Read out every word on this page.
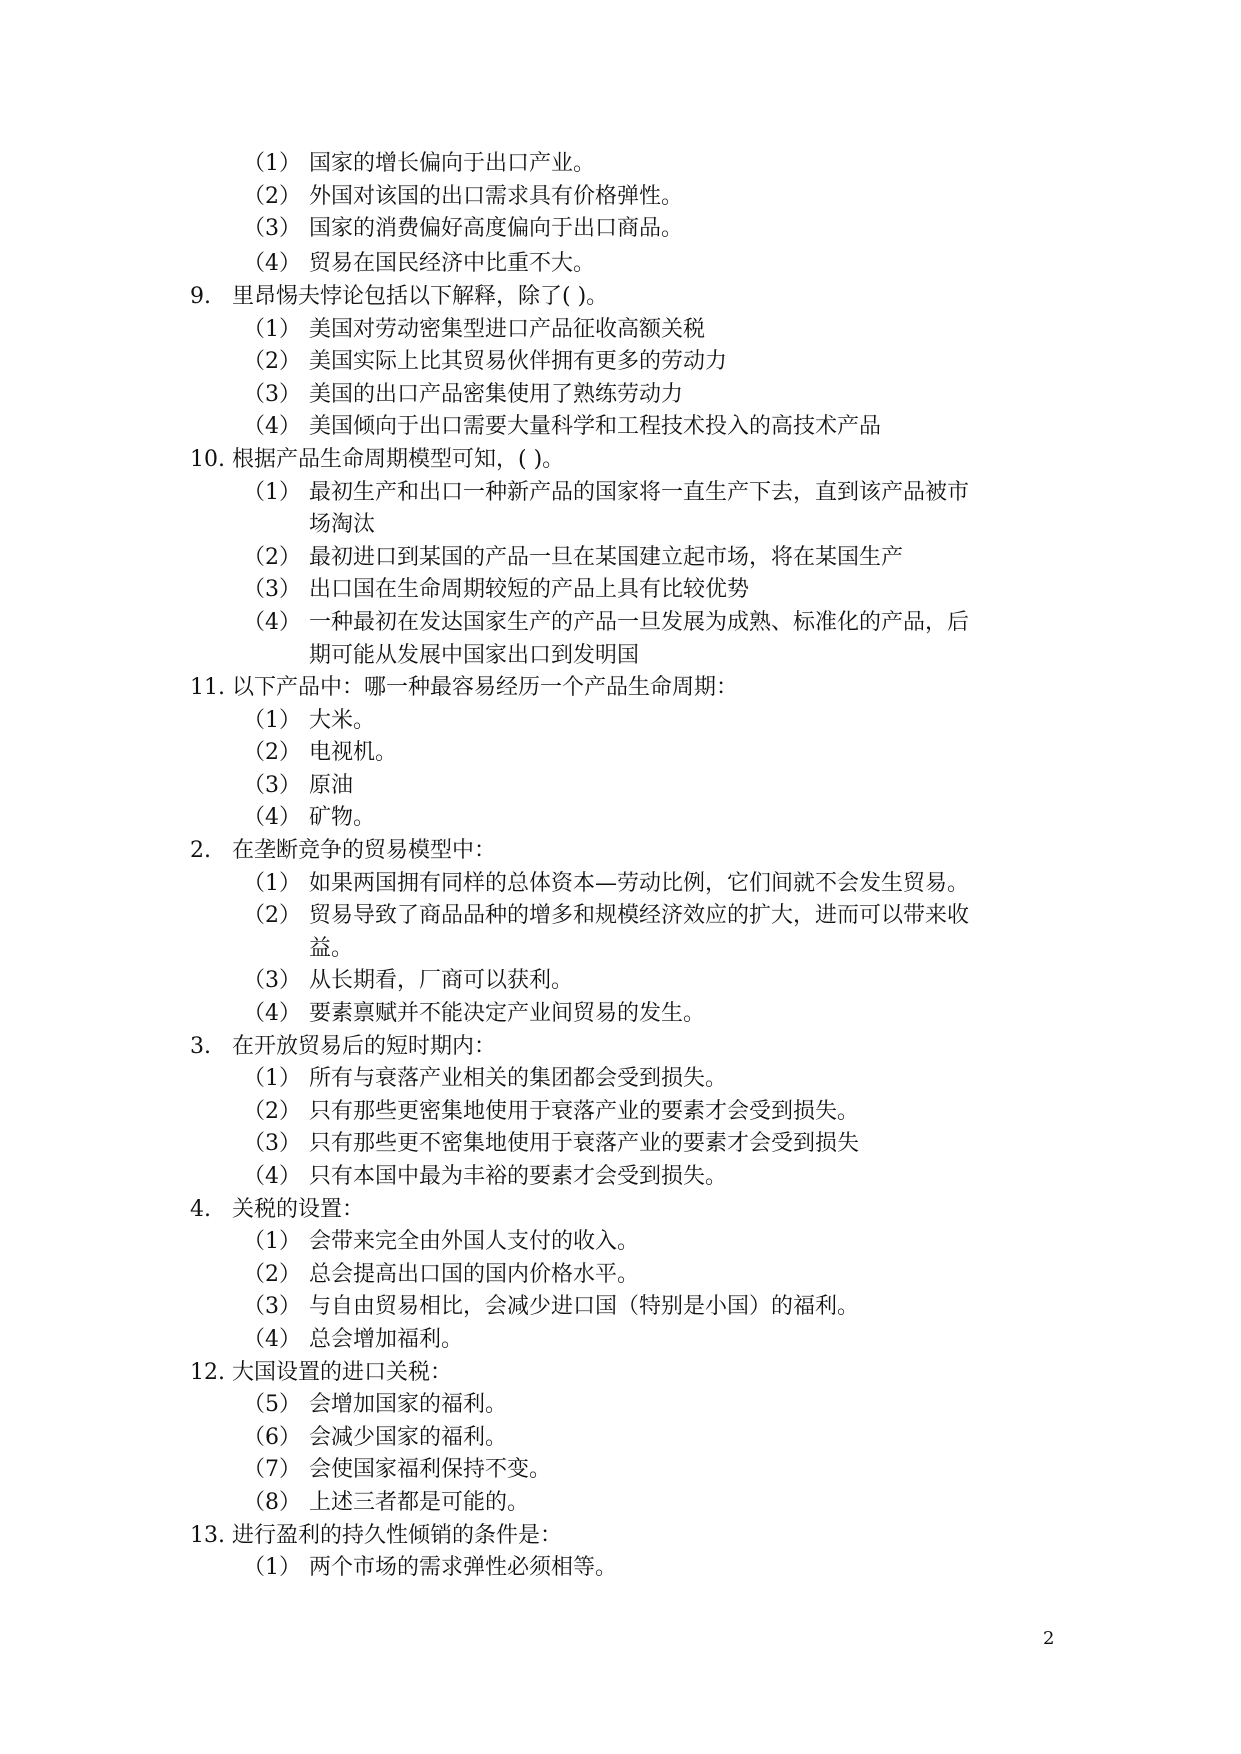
（1） 国家的增长偏向于出口产业。
（2） 外国对该国的出口需求具有价格弹性。
（3） 国家的消费偏好高度偏向于出口商品。
（4） 贸易在国民经济中比重不大。
9. 里昂惕夫悖论包括以下解释，除了( )。
（1） 美国对劳动密集型进口产品征收高额关税
（2） 美国实际上比其贸易伙伴拥有更多的劳动力
（3） 美国的出口产品密集使用了熟练劳动力
（4） 美国倾向于出口需要大量科学和工程技术投入的高技术产品
10. 根据产品生命周期模型可知，( )。
（1） 最初生产和出口一种新产品的国家将一直生产下去，直到该产品被市
场淘汰
（2） 最初进口到某国的产品一旦在某国建立起市场，将在某国生产
（3） 出口国在生命周期较短的产品上具有比较优势
（4） 一种最初在发达国家生产的产品一旦发展为成熟、标准化的产品，后
期可能从发展中国家出口到发明国
11. 以下产品中：哪一种最容易经历一个产品生命周期：
（1） 大米。
（2） 电视机。
（3） 原油
（4） 矿物。
2. 在垄断竞争的贸易模型中：
（1） 如果两国拥有同样的总体资本—劳动比例，它们间就不会发生贸易。
（2） 贸易导致了商品品种的增多和规模经济效应的扩大，进而可以带来收
益。
（3） 从长期看，厂商可以获利。
（4） 要素禀赋并不能决定产业间贸易的发生。
3. 在开放贸易后的短时期内：
（1） 所有与衰落产业相关的集团都会受到损失。
（2） 只有那些更密集地使用于衰落产业的要素才会受到损失。
（3） 只有那些更不密集地使用于衰落产业的要素才会受到损失
（4） 只有本国中最为丰裕的要素才会受到损失。
4. 关税的设置：
（1） 会带来完全由外国人支付的收入。
（2） 总会提高出口国的国内价格水平。
（3） 与自由贸易相比，会减少进口国（特别是小国）的福利。
（4） 总会增加福利。
12. 大国设置的进口关税：
（5） 会增加国家的福利。
（6） 会减少国家的福利。
（7） 会使国家福利保持不变。
（8） 上述三者都是可能的。
13. 进行盈利的持久性倾销的条件是：
（1） 两个市场的需求弹性必须相等。
2
